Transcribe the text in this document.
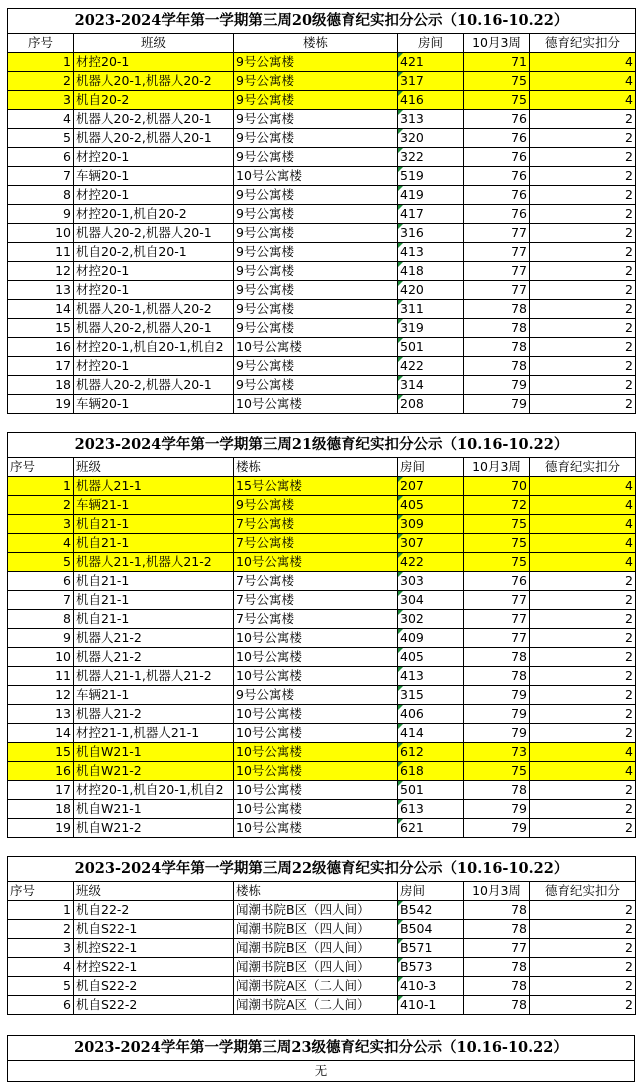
2023-2024学年第一学期第三周20级德育纪实扣分公示（10.16-10.22）					
序号	班级	楼栋	房间	10月3周	德育纪实扣分
1	材控20-1	9号公寓楼	421	71	4
2	机器人20-1,机器人20-2	9号公寓楼	317	75	4
3	机自20-2	9号公寓楼	416	75	4
4	机器人20-2,机器人20-1	9号公寓楼	313	76	2
5	机器人20-2,机器人20-1	9号公寓楼	320	76	2
6	材控20-1	9号公寓楼	322	76	2
7	车辆20-1	10号公寓楼	519	76	2
8	材控20-1	9号公寓楼	419	76	2
9	材控20-1,机自20-2	9号公寓楼	417	76	2
10	机器人20-2,机器人20-1	9号公寓楼	316	77	2
11	机自20-2,机自20-1	9号公寓楼	413	77	2
12	材控20-1	9号公寓楼	418	77	2
13	材控20-1	9号公寓楼	420	77	2
14	机器人20-1,机器人20-2	9号公寓楼	311	78	2
15	机器人20-2,机器人20-1	9号公寓楼	319	78	2
16	材控20-1,机自20-1,机自2	10号公寓楼	501	78	2
17	材控20-1	9号公寓楼	422	78	2
18	机器人20-2,机器人20-1	9号公寓楼	314	79	2
19	车辆20-1	10号公寓楼	208	79	2
2023-2024学年第一学期第三周21级德育纪实扣分公示（10.16-10.22）					
序号	班级	楼栋	房间	10月3周	德育纪实扣分
1	机器人21-1	15号公寓楼	207	70	4
2	车辆21-1	9号公寓楼	405	72	4
3	机自21-1	7号公寓楼	309	75	4
4	机自21-1	7号公寓楼	307	75	4
5	机器人21-1,机器人21-2	10号公寓楼	422	75	4
6	机自21-1	7号公寓楼	303	76	2
7	机自21-1	7号公寓楼	304	77	2
8	机自21-1	7号公寓楼	302	77	2
9	机器人21-2	10号公寓楼	409	77	2
10	机器人21-2	10号公寓楼	405	78	2
11	机器人21-1,机器人21-2	10号公寓楼	413	78	2
12	车辆21-1	9号公寓楼	315	79	2
13	机器人21-2	10号公寓楼	406	79	2
14	材控21-1,机器人21-1	10号公寓楼	414	79	2
15	机自W21-1	10号公寓楼	612	73	4
16	机自W21-2	10号公寓楼	618	75	4
17	材控20-1,机自20-1,机自2	10号公寓楼	501	78	2
18	机自W21-1	10号公寓楼	613	79	2
19	机自W21-2	10号公寓楼	621	79	2
2023-2024学年第一学期第三周22级德育纪实扣分公示（10.16-10.22）					
序号	班级	楼栋	房间	10月3周	德育纪实扣分
1	机自22-2	闻潮书院B区（四人间）	B542	78	2
2	机自S22-1	闻潮书院B区（四人间）	B504	78	2
3	机控S22-1	闻潮书院B区（四人间）	B571	77	2
4	材控S22-1	闻潮书院B区（四人间）	B573	78	2
5	机自S22-2	闻潮书院A区（二人间）	410-3	78	2
6	机自S22-2	闻潮书院A区（二人间）	410-1	78	2
2023-2024学年第一学期第三周23级德育纪实扣分公示（10.16-10.22）
无
